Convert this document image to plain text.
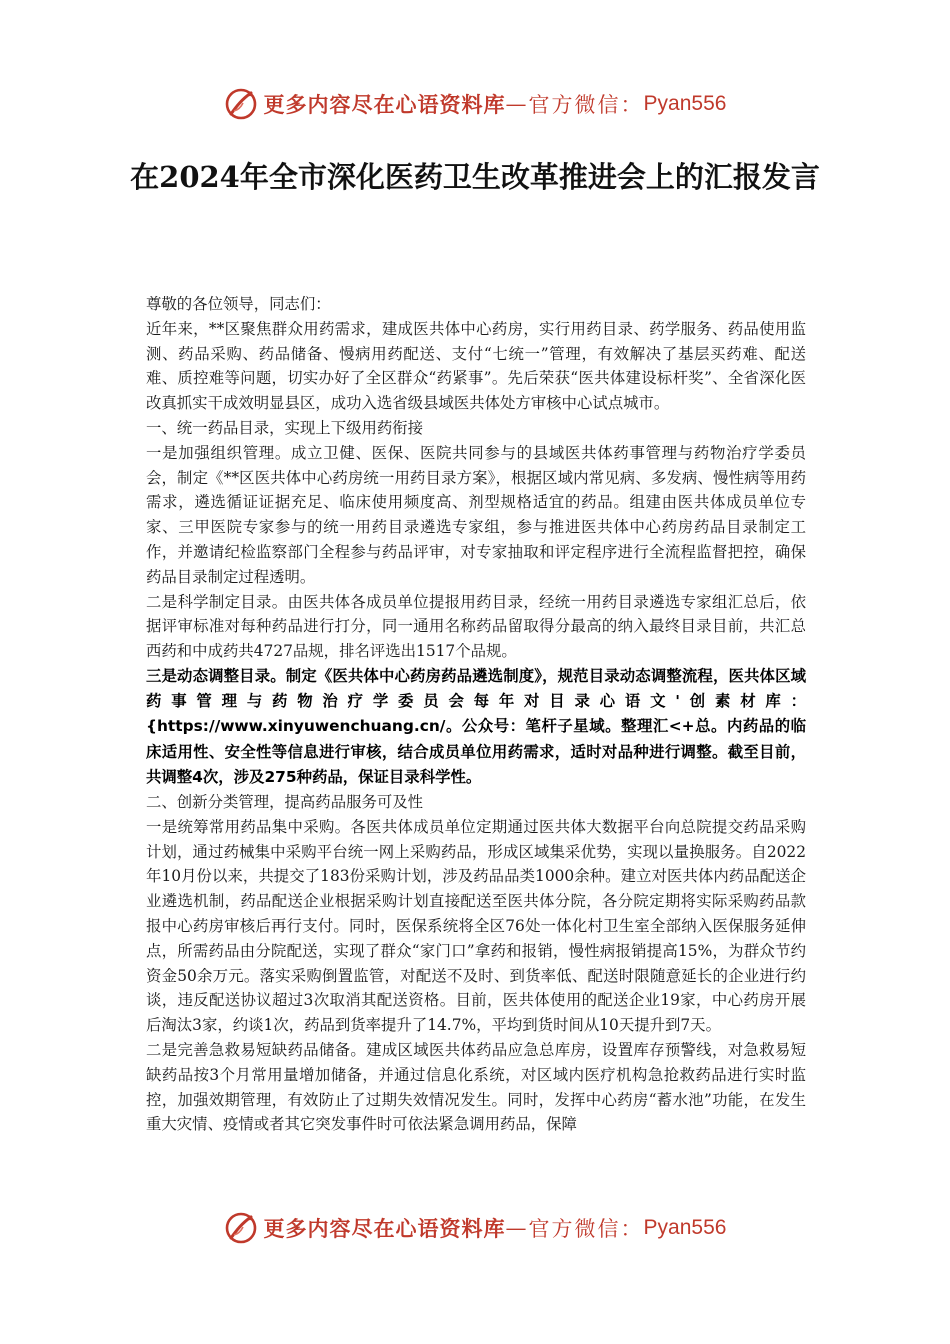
更多内容尽在心语资料库 — 官方微信： Pyan556
在2024年全市深化医药卫生改革推进会上的汇报发言

尊敬的各位领导，同志们：

近年来，**区聚焦群众用药需求，建成医共体中心药房，实行用药目录、药学服务、药品使用监测、药品采购、药品储备、慢病用药配送、支付“七统一”管理，有效解决了基层买药难、配送难、质控难等问题，切实办好了全区群众“药紧事”。先后荣获“医共体建设标杆奖”、全省深化医改真抓实干成效明显县区，成功入选省级县域医共体处方审核中心试点城市。

一、统一药品目录，实现上下级用药衔接

一是加强组织管理。成立卫健、医保、医院共同参与的县域医共体药事管理与药物治疗学委员会，制定《**区医共体中心药房统一用药目录方案》，根据区域内常见病、多发病、慢性病等用药需求，遴选循证证据充足、临床使用频度高、剂型规格适宜的药品。组建由医共体成员单位专家、三甲医院专家参与的统一用药目录遴选专家组，参与推进医共体中心药房药品目录制定工作，并邀请纪检监察部门全程参与药品评审，对专家抽取和评定程序进行全流程监督把控，确保药品目录制定过程透明。

二是科学制定目录。由医共体各成员单位提报用药目录，经统一用药目录遴选专家组汇总后，依据评审标准对每种药品进行打分，同一通用名称药品留取得分最高的纳入最终目录目前，共汇总西药和中成药共4727品规，排名评选出1517个品规。

三是动态调整目录。制定《医共体中心药房药品遴选制度》，规范目录动态调整流程，医共体区域药事管理与药物治疗学委员会每年对目录心语文'创素材库：{https://www.xinyuwenchuang.cn/。公众号：笔杆子星域。整理汇<+总。内药品的临床适用性、安全性等信息进行审核，结合成员单位用药需求，适时对品种进行调整。截至目前，共调整4次，涉及275种药品，保证目录科学性。

二、创新分类管理，提高药品服务可及性

一是统筹常用药品集中采购。各医共体成员单位定期通过医共体大数据平台向总院提交药品采购计划，通过药械集中采购平台统一网上采购药品，形成区域集采优势，实现以量换服务。自2022年10月份以来，共提交了183份采购计划，涉及药品品类1000余种。建立对医共体内药品配送企业遴选机制，药品配送企业根据采购计划直接配送至医共体分院，各分院定期将实际采购药品款报中心药房审核后再行支付。同时，医保系统将全区76处一体化村卫生室全部纳入医保服务延伸点，所需药品由分院配送，实现了群众“家门口”拿药和报销，慢性病报销提高15%，为群众节约资金50余万元。落实采购倒置监管，对配送不及时、到货率低、配送时限随意延长的企业进行约谈，违反配送协议超过3次取消其配送资格。目前，医共体使用的配送企业19家，中心药房开展后淘汰3家，约谈1次，药品到货率提升了14.7%，平均到货时间从10天提升到7天。

二是完善急救易短缺药品储备。建成区域医共体药品应急总库房，设置库存预警线，对急救易短缺药品按3个月常用量增加储备，并通过信息化系统，对区域内医疗机构急抢救药品进行实时监控，加强效期管理，有效防止了过期失效情况发生。同时，发挥中心药房“蓄水池”功能，在发生重大灾情、疫情或者其它突发事件时可依法紧急调用药品，保障

更多内容尽在心语资料库 — 官方微信： Pyan556
